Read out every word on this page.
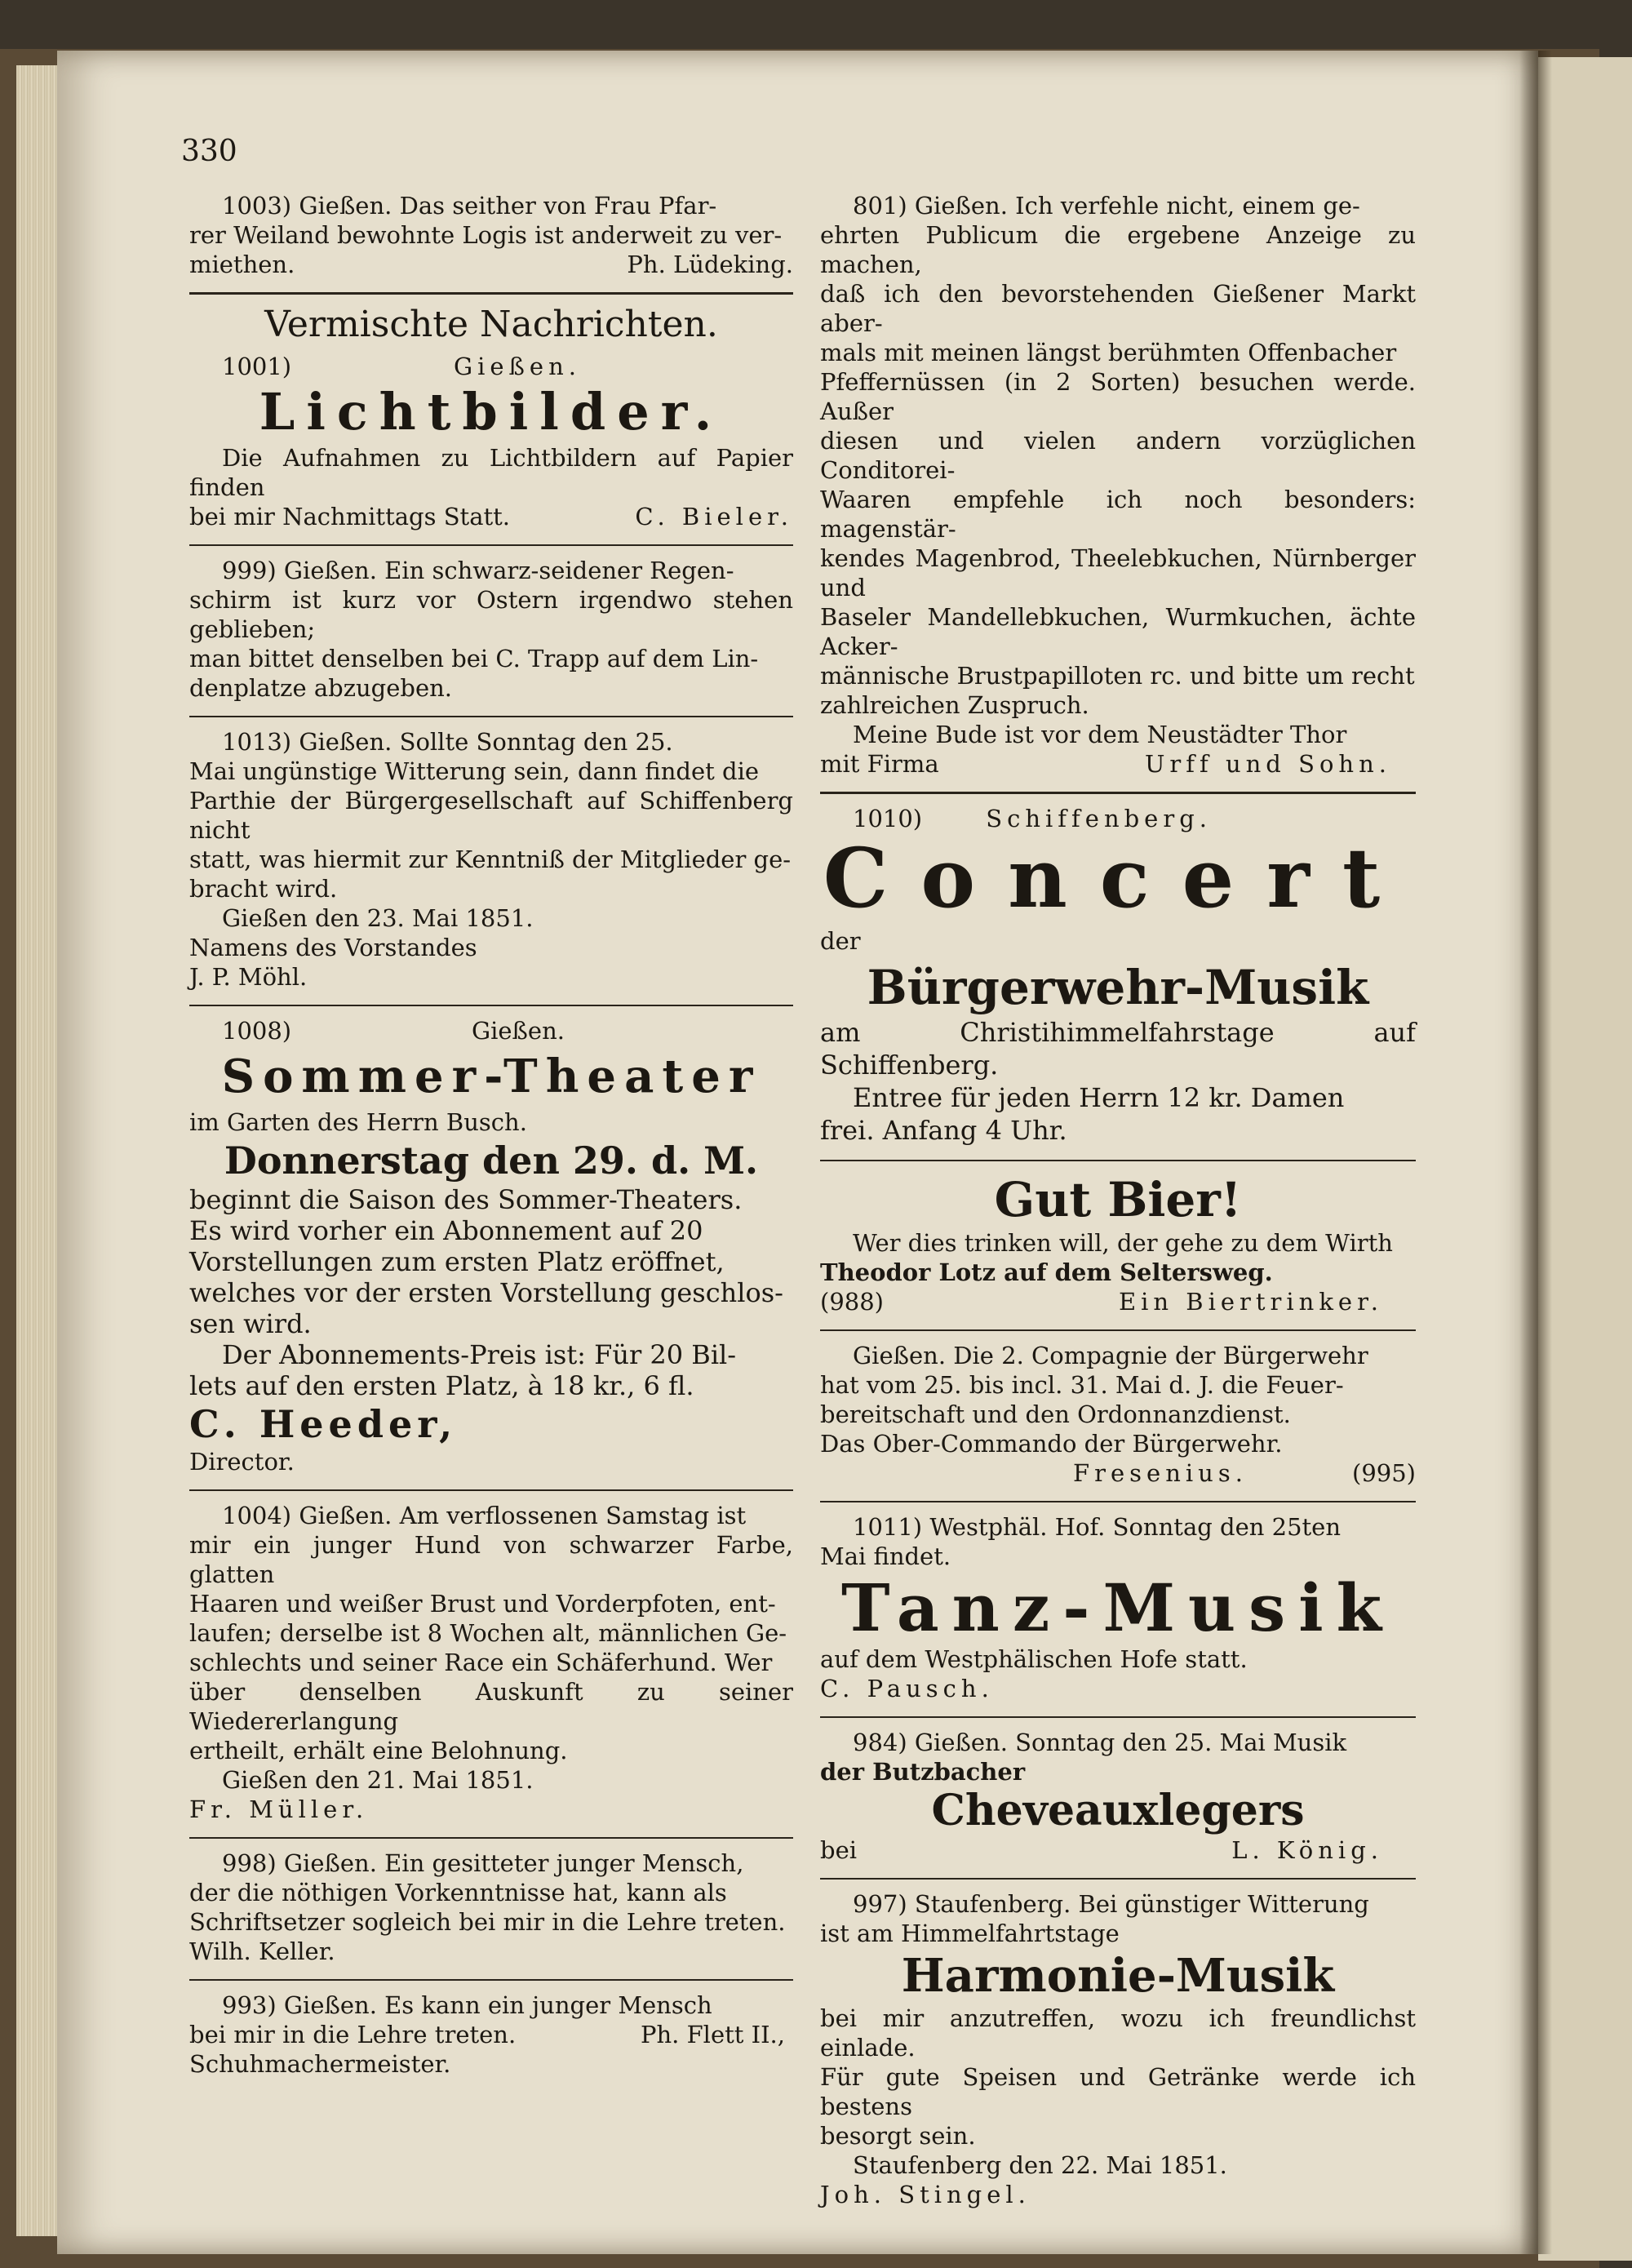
330

1003) Gießen. Das seither von Frau Pfar-

rer Weiland bewohnte Logis ist anderweit zu ver-

miethen.	Ph. Lüdeking.
Vermischte Nachrichten.
1001)	Gießen.
Lichtbilder.

Die Aufnahmen zu Lichtbildern auf Papier finden

bei mir Nachmittags Statt.	C. Bieler.

999) Gießen. Ein schwarz-seidener Regen-

schirm ist kurz vor Ostern irgendwo stehen geblieben;

man bittet denselben bei C. Trapp auf dem Lin-

denplatze abzugeben.

1013) Gießen. Sollte Sonntag den 25.

Mai ungünstige Witterung sein, dann findet die

Parthie der Bürgergesellschaft auf Schiffenberg nicht

statt, was hiermit zur Kenntniß der Mitglieder ge-

bracht wird.

Gießen den 23. Mai 1851.

Namens des Vorstandes

J. P. Möhl.

1008)	Gießen.
Sommer-Theater

im Garten des Herrn Busch.

Donnerstag den 29. d. M.

beginnt die Saison des Sommer-Theaters.

Es wird vorher ein Abonnement auf 20

Vorstellungen zum ersten Platz eröffnet,

welches vor der ersten Vorstellung geschlos-

sen wird.

Der Abonnements-Preis ist: Für 20 Bil-

lets auf den ersten Platz, à 18 kr., 6 fl.

C. Heeder,

Director.

1004) Gießen. Am verflossenen Samstag ist

mir ein junger Hund von schwarzer Farbe, glatten

Haaren und weißer Brust und Vorderpfoten, ent-

laufen; derselbe ist 8 Wochen alt, männlichen Ge-

schlechts und seiner Race ein Schäferhund. Wer

über denselben Auskunft zu seiner Wiedererlangung

ertheilt, erhält eine Belohnung.

Gießen den 21. Mai 1851.

Fr. Müller.

998) Gießen. Ein gesitteter junger Mensch,

der die nöthigen Vorkenntnisse hat, kann als

Schriftsetzer sogleich bei mir in die Lehre treten.

Wilh. Keller.

993) Gießen. Es kann ein junger Mensch

bei mir in die Lehre treten.	Ph. Flett II.,

Schuhmachermeister.

801) Gießen. Ich verfehle nicht, einem ge-

ehrten Publicum die ergebene Anzeige zu machen,

daß ich den bevorstehenden Gießener Markt aber-

mals mit meinen längst berühmten Offenbacher

Pfeffernüssen (in 2 Sorten) besuchen werde. Außer

diesen und vielen andern vorzüglichen Conditorei-

Waaren empfehle ich noch besonders: magenstär-

kendes Magenbrod, Theelebkuchen, Nürnberger und

Baseler Mandellebkuchen, Wurmkuchen, ächte Acker-

männische Brustpapilloten rc. und bitte um recht

zahlreichen Zuspruch.

Meine Bude ist vor dem Neustädter Thor

mit Firma	Urff und Sohn.
1010)	Schiffenberg.
Concert

der

Bürgerwehr-Musik

am Christihimmelfahrstage auf Schiffenberg.

Entree für jeden Herrn 12 kr. Damen

frei. Anfang 4 Uhr.

Gut Bier!

Wer dies trinken will, der gehe zu dem Wirth

Theodor Lotz auf dem Seltersweg.

(988)	Ein Biertrinker.

Gießen. Die 2. Compagnie der Bürgerwehr

hat vom 25. bis incl. 31. Mai d. J. die Feuer-

bereitschaft und den Ordonnanzdienst.

Das Ober-Commando der Bürgerwehr.

Fresenius.	(995)

1011) Westphäl. Hof. Sonntag den 25ten

Mai findet.

Tanz-Musik

auf dem Westphälischen Hofe statt.

C. Pausch.

984) Gießen. Sonntag den 25. Mai Musik

der Butzbacher

Cheveauxlegers
bei	L. König.

997) Staufenberg. Bei günstiger Witterung

ist am Himmelfahrtstage

Harmonie-Musik

bei mir anzutreffen, wozu ich freundlichst einlade.

Für gute Speisen und Getränke werde ich bestens

besorgt sein.

Staufenberg den 22. Mai 1851.

Joh. Stingel.
